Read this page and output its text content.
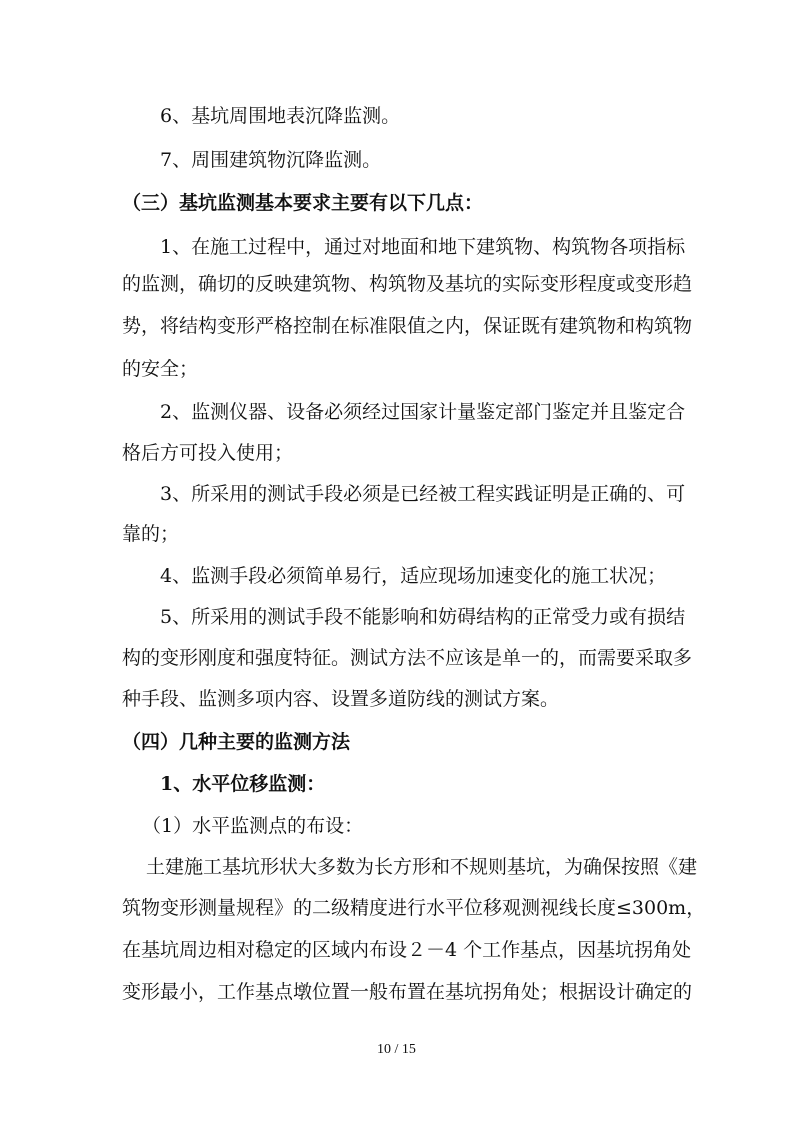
6、基坑周围地表沉降监测。
7、周围建筑物沉降监测。
（三）基坑监测基本要求主要有以下几点：
1、在施工过程中，通过对地面和地下建筑物、构筑物各项指标
的监测，确切的反映建筑物、构筑物及基坑的实际变形程度或变形趋
势，将结构变形严格控制在标准限值之内，保证既有建筑物和构筑物
的安全；
2、监测仪器、设备必须经过国家计量鉴定部门鉴定并且鉴定合
格后方可投入使用；
3、所采用的测试手段必须是已经被工程实践证明是正确的、可
靠的；
4、监测手段必须简单易行，适应现场加速变化的施工状况；
5、所采用的测试手段不能影响和妨碍结构的正常受力或有损结
构的变形刚度和强度特征。测试方法不应该是单一的，而需要采取多
种手段、监测多项内容、设置多道防线的测试方案。
（四）几种主要的监测方法
1、水平位移监测：
（1）水平监测点的布设：
土建施工基坑形状大多数为长方形和不规则基坑，为确保按照《建
筑物变形测量规程》的二级精度进行水平位移观测视线长度≤300m，
在基坑周边相对稳定的区域内布设２－4 个工作基点，因基坑拐角处
变形最小，工作基点墩位置一般布置在基坑拐角处；根据设计确定的
10 / 15
